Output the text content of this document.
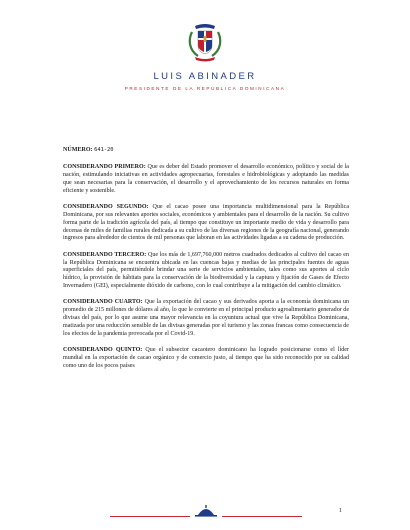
LUIS ABINADER
PRESIDENTE DE LA REPÚBLICA DOMINICANA
NÚMERO: 641-20

CONSIDERANDO PRIMERO: Que es deber del Estado promover el desarrollo económico, político y social de la nación, estimulando iniciativas en actividades agropecuarias, forestales e hidrobiológicas y adoptando las medidas que sean necesarias para la conservación, el desarrollo y el aprovechamiento de los recursos naturales en forma eficiente y sostenible.

CONSIDERANDO SEGUNDO: Que el cacao posee una importancia multidimensional para la República Dominicana, por sus relevantes aportes sociales, económicos y ambientales para el desarrollo de la nación. Su cultivo forma parte de la tradición agrícola del país, al tiempo que constituye un importante medio de vida y desarrollo para decenas de miles de familias rurales dedicada a su cultivo de las diversas regiones de la geografía nacional, generando ingresos para alrededor de cientos de mil personas que laboran en las actividades ligadas a su cadena de producción.

CONSIDERANDO TERCERO: Que los más de 1,697,760,000 metros cuadrados dedicados al cultivo del cacao en la República Dominicana se encuentra ubicada en las cuencas bajas y medias de las principales fuentes de aguas superficiales del país, permitiéndole brindar una serie de servicios ambientales, tales como sus aportes al ciclo hídrico, la provisión de hábitats para la conservación de la biodiversidad y la captura y fijación de Gases de Efecto Invernadero (GEI), especialmente dióxido de carbono, con lo cual contribuye a la mitigación del cambio climático.

CONSIDERANDO CUARTO: Que la exportación del cacao y sus derivados aporta a la economía dominicana un promedio de 215 millones de dólares al año, lo que le convierte en el principal producto agroalimentario generador de divisas del país, por lo que asume una mayor relevancia en la coyuntura actual que vive la República Dominicana, matizada por una reducción sensible de las divisas generadas por el turismo y las zonas francas como consecuencia de los efectos de la pandemia provocada por el Covid-19.

CONSIDERANDO QUINTO: Que el subsector cacaotero dominicano ha logrado posicionarse como el líder mundial en la exportación de cacao orgánico y de comercio justo, al tiempo que ha sido reconocido por su calidad como uno de los pocos países

1
